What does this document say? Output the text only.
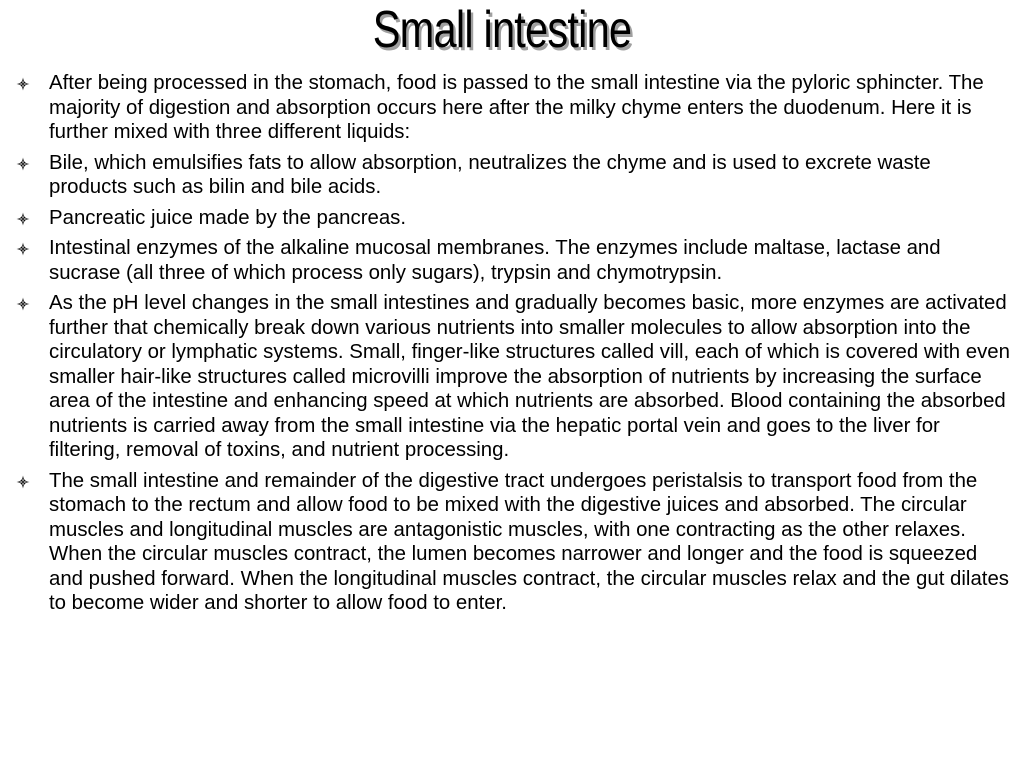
Small intestine
After being processed in the stomach, food is passed to the small intestine via the pyloric sphincter. The majority of digestion and absorption occurs here after the milky chyme enters the duodenum. Here it is further mixed with three different liquids:
Bile, which emulsifies fats to allow absorption, neutralizes the chyme and is used to excrete waste products such as bilin and bile acids.
Pancreatic juice made by the pancreas.
Intestinal enzymes of the alkaline mucosal membranes. The enzymes include maltase, lactase and sucrase (all three of which process only sugars), trypsin and chymotrypsin.
As the pH level changes in the small intestines and gradually becomes basic, more enzymes are activated further that chemically break down various nutrients into smaller molecules to allow absorption into the circulatory or lymphatic systems. Small, finger-like structures called vill, each of which is covered with even smaller hair-like structures called microvilli improve the absorption of nutrients by increasing the surface area of the intestine and enhancing speed at which nutrients are absorbed. Blood containing the absorbed nutrients is carried away from the small intestine via the hepatic portal vein and goes to the liver for filtering, removal of toxins, and nutrient processing.
The small intestine and remainder of the digestive tract undergoes peristalsis to transport food from the stomach to the rectum and allow food to be mixed with the digestive juices and absorbed. The circular muscles and longitudinal muscles are antagonistic muscles, with one contracting as the other relaxes. When the circular muscles contract, the lumen becomes narrower and longer and the food is squeezed and pushed forward. When the longitudinal muscles contract, the circular muscles relax and the gut dilates to become wider and shorter to allow food to enter.
